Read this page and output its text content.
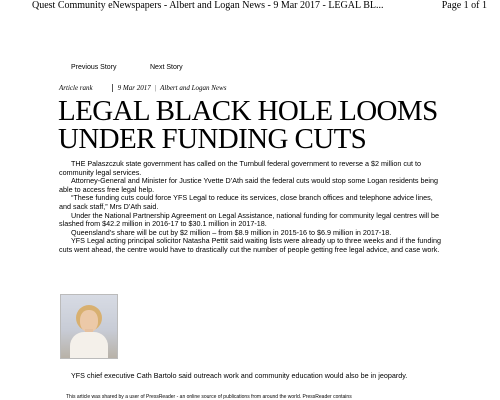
Quest Community eNewspapers - Albert and Logan News - 9 Mar 2017 - LEGAL BL...	Page 1 of 1
Previous Story	Next Story
Article rank	9 Mar 2017 | Albert and Logan News
LEGAL BLACK HOLE LOOMS UNDER FUNDING CUTS

THE Palaszczuk state government has called on the Turnbull federal government to reverse a $2 million cut to community legal services.

Attorney-General and Minister for Justice Yvette D’Ath said the federal cuts would stop some Logan residents being able to access free legal help.

“These funding cuts could force YFS Legal to reduce its services, close branch offices and telephone advice lines, and sack staff,” Mrs D’Ath said.

Under the National Partnership Agreement on Legal Assistance, national funding for community legal centres will be slashed from $42.2 million in 2016-17 to $30.1 million in 2017-18.

Queensland’s share will be cut by $2 million – from $8.9 million in 2015-16 to $6.9 million in 2017-18.

YFS Legal acting principal solicitor Natasha Pettit said waiting lists were already up to three weeks and if the funding cuts went ahead, the centre would have to drastically cut the number of people getting free legal advice, and case work.

YFS chief executive Cath Bartolo said outreach work and community education would also be in jeopardy.

This article was shared by a user of PressReader - an online source of publications from around the world. PressReader contains
